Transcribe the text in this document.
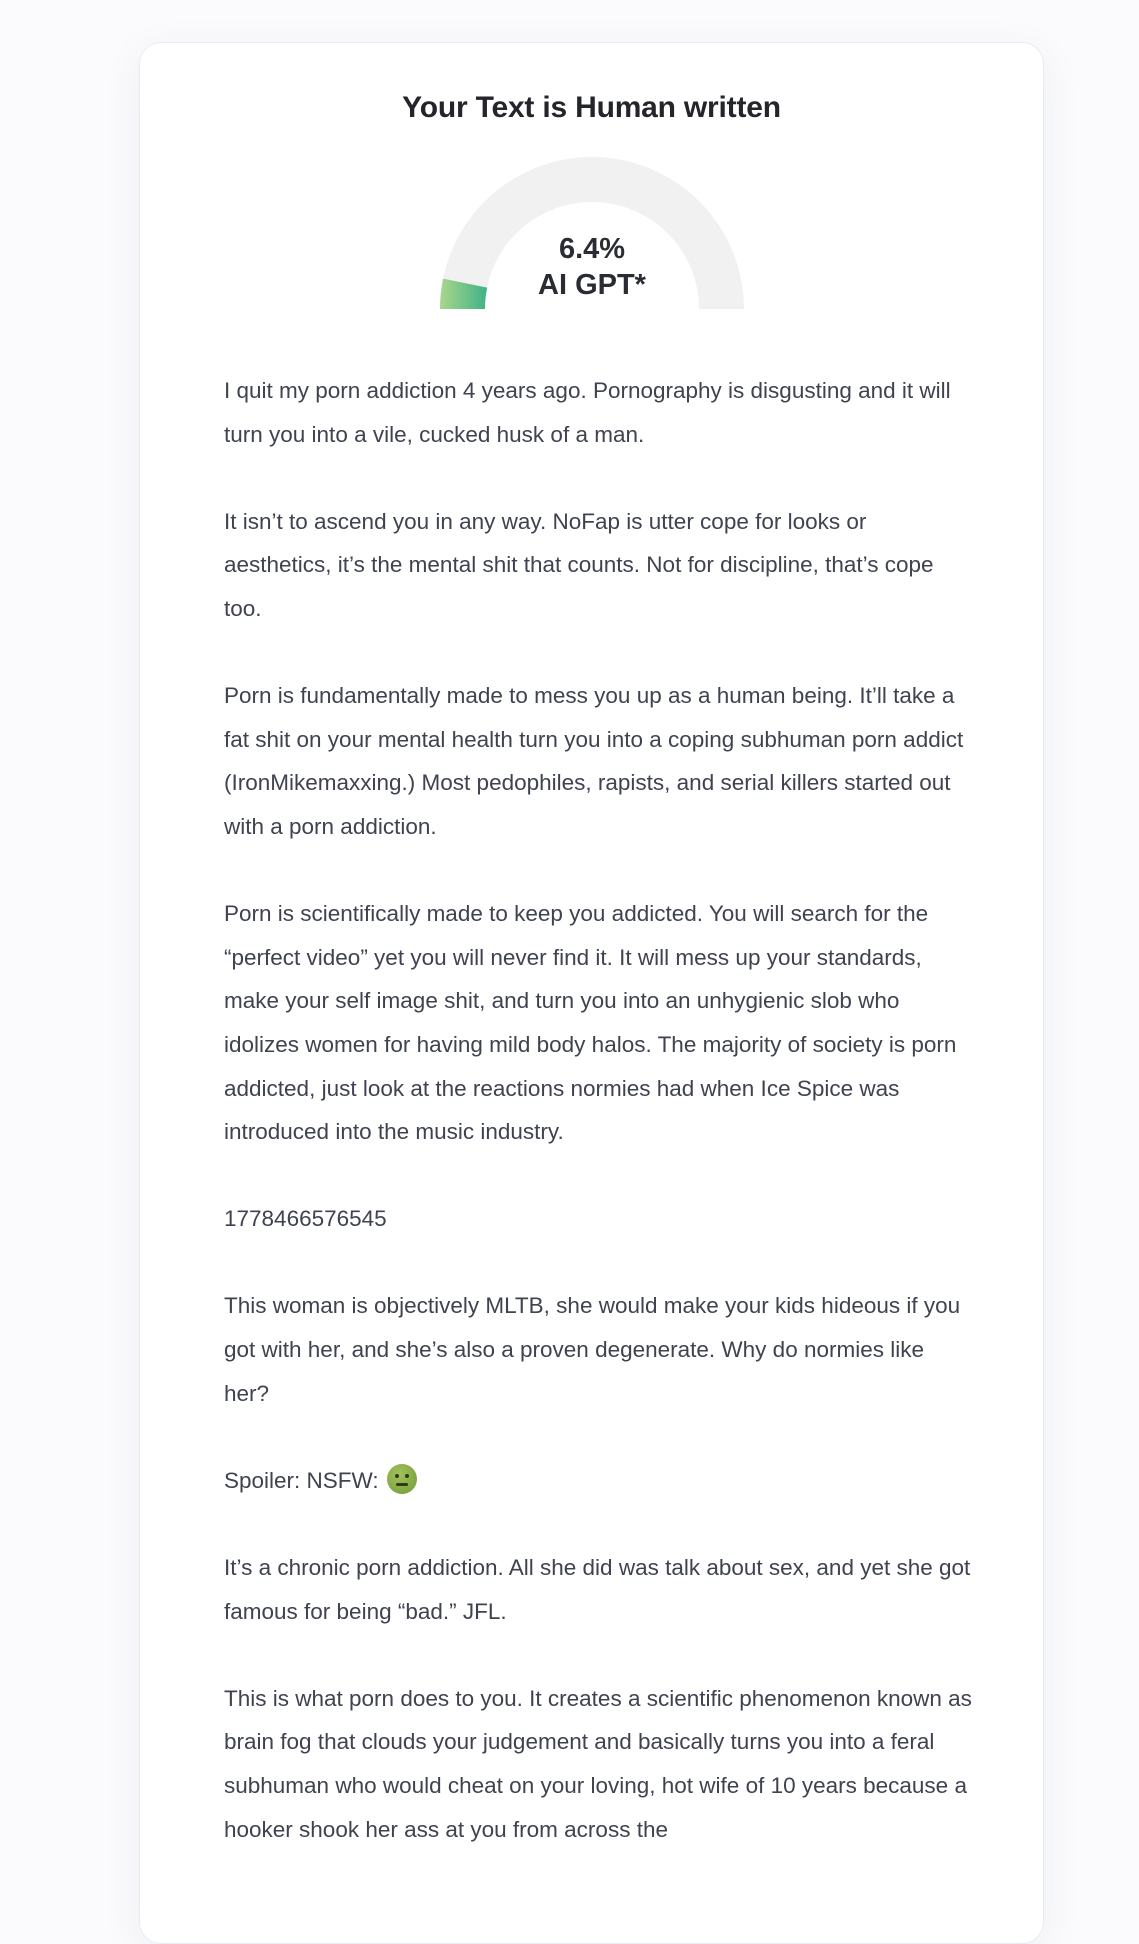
Your Text is Human written
6.4%
AI GPT*

I quit my porn addiction 4 years ago. Pornography is disgusting and it will turn you into a vile, cucked husk of a man.

It isn’t to ascend you in any way. NoFap is utter cope for looks or aesthetics, it’s the mental shit that counts. Not for discipline, that’s cope too.

Porn is fundamentally made to mess you up as a human being. It’ll take a fat shit on your mental health turn you into a coping subhuman porn addict (IronMikemaxxing.) Most pedophiles, rapists, and serial killers started out with a porn addiction.

Porn is scientifically made to keep you addicted. You will search for the “perfect video” yet you will never find it. It will mess up your standards, make your self image shit, and turn you into an unhygienic slob who idolizes women for having mild body halos. The majority of society is porn addicted, just look at the reactions normies had when Ice Spice was introduced into the music industry.

1778466576545

This woman is objectively MLTB, she would make your kids hideous if you got with her, and she’s also a proven degenerate. Why do normies like her?

Spoiler: NSFW:

It’s a chronic porn addiction. All she did was talk about sex, and yet she got famous for being “bad.” JFL.

This is what porn does to you. It creates a scientific phenomenon known as brain fog that clouds your judgement and basically turns you into a feral subhuman who would cheat on your loving, hot wife of 10 years because a hooker shook her ass at you from across the
